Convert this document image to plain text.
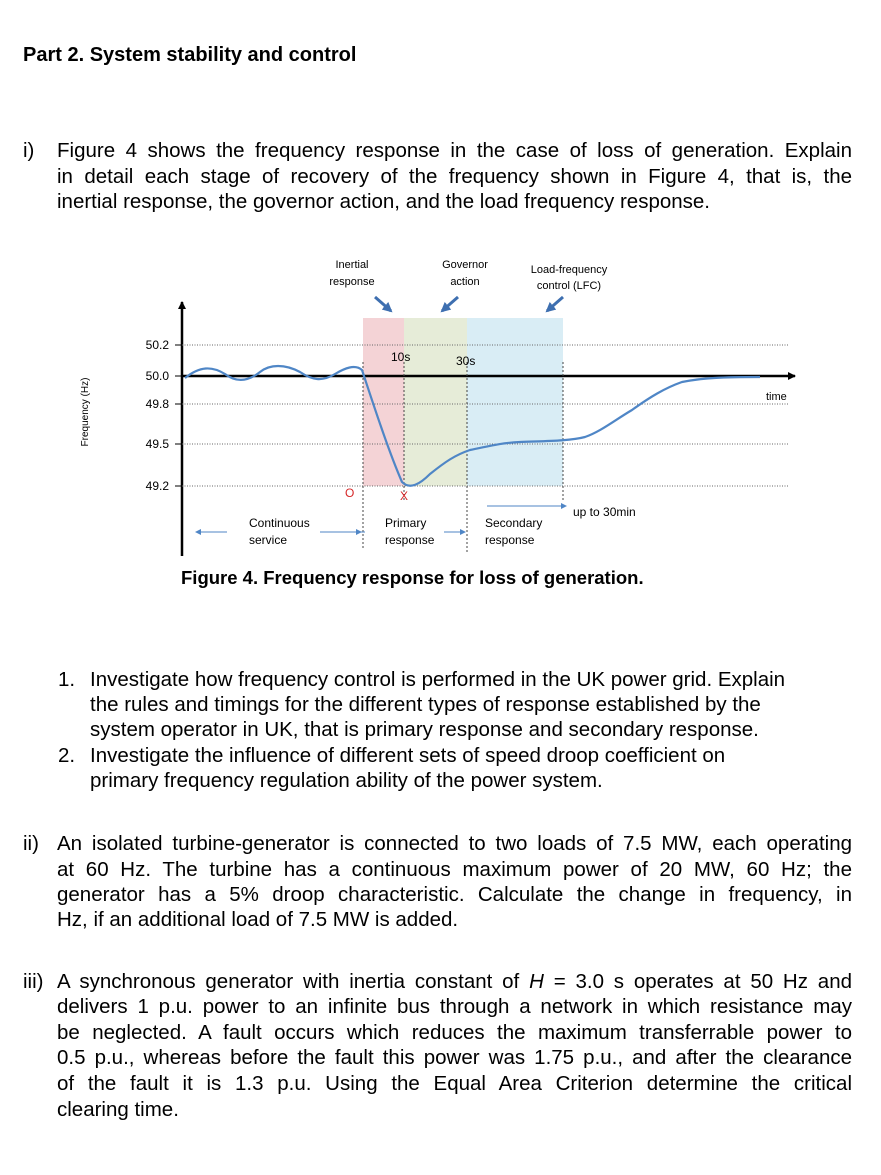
Part 2. System stability and control
i) Figure 4 shows the frequency response in the case of loss of generation. Explain
in detail each stage of recovery of the frequency shown in Figure 4, that is, the
inertial response, the governor action, and the load frequency response.
Frequency (Hz)
50.2
50.0
49.8
49.5
49.2
time
Inertial
response
Governor
action
Load-frequency
control (LFC)
10s	30s
O	X
up to 30min
Continuous
service
Primary
response
Secondary
response
Figure 4. Frequency response for loss of generation.
1. Investigate how frequency control is performed in the UK power grid. Explain
the rules and timings for the different types of response established by the
system operator in UK, that is primary response and secondary response.
2. Investigate the influence of different sets of speed droop coefficient on
primary frequency regulation ability of the power system.
ii) An isolated turbine-generator is connected to two loads of 7.5 MW, each operating
at 60 Hz. The turbine has a continuous maximum power of 20 MW, 60 Hz; the
generator has a 5% droop characteristic. Calculate the change in frequency, in
Hz, if an additional load of 7.5 MW is added.
iii) A synchronous generator with inertia constant of H = 3.0 s operates at 50 Hz and
delivers 1 p.u. power to an infinite bus through a network in which resistance may
be neglected. A fault occurs which reduces the maximum transferrable power to
0.5 p.u., whereas before the fault this power was 1.75 p.u., and after the clearance
of the fault it is 1.3 p.u. Using the Equal Area Criterion determine the critical
clearing time.
